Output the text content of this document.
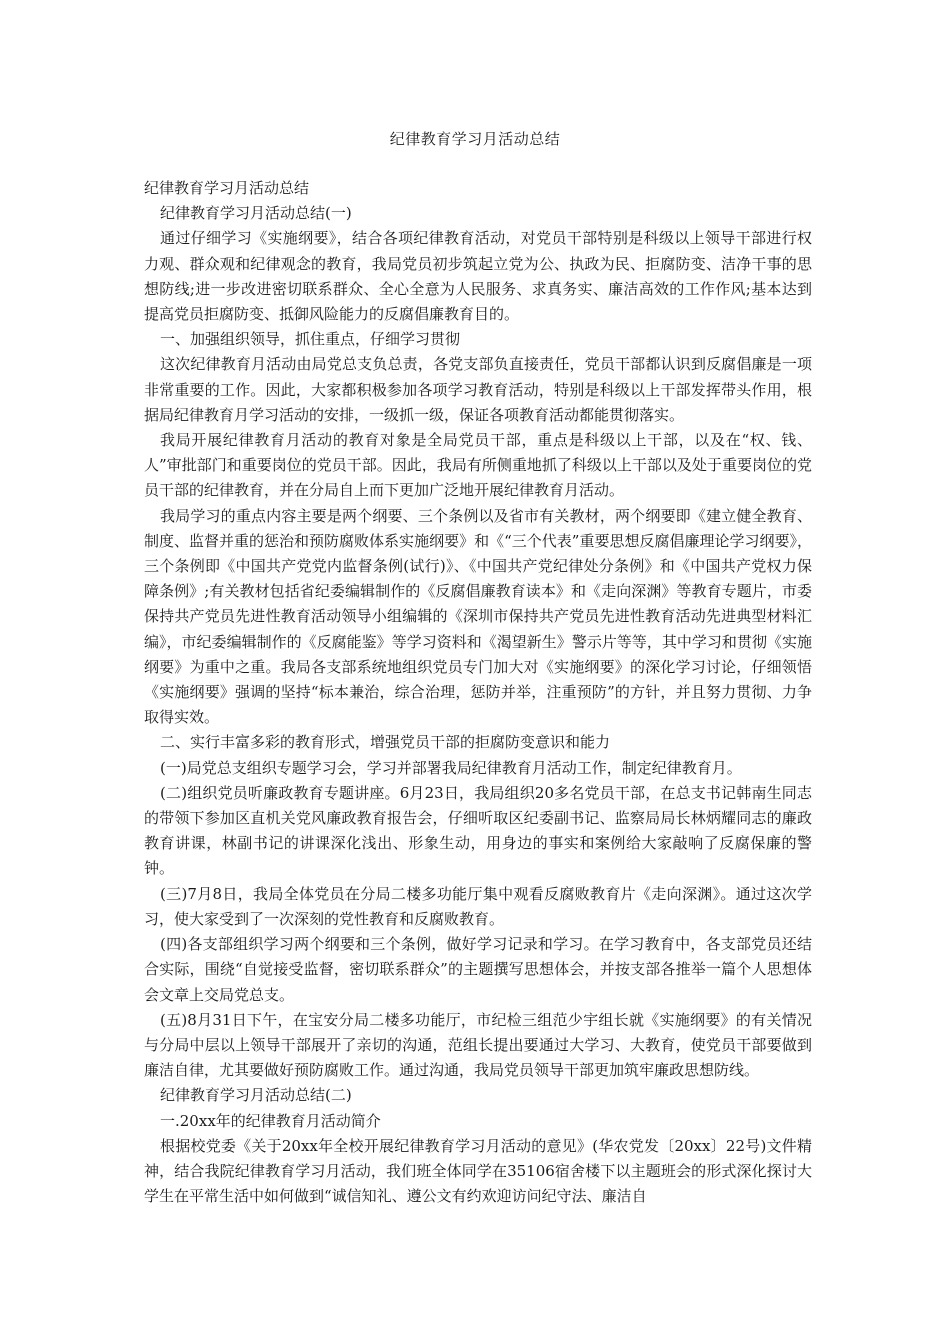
纪律教育学习月活动总结

纪律教育学习月活动总结

纪律教育学习月活动总结(一)

通过仔细学习《实施纲要》，结合各项纪律教育活动，对党员干部特别是科级以上领导干部进行权力观、群众观和纪律观念的教育，我局党员初步筑起立党为公、执政为民、拒腐防变、洁净干事的思想防线;进一步改进密切联系群众、全心全意为人民服务、求真务实、廉洁高效的工作作风;基本达到提高党员拒腐防变、抵御风险能力的反腐倡廉教育目的。

一、加强组织领导，抓住重点，仔细学习贯彻

这次纪律教育月活动由局党总支负总责，各党支部负直接责任，党员干部都认识到反腐倡廉是一项非常重要的工作。因此，大家都积极参加各项学习教育活动，特别是科级以上干部发挥带头作用，根据局纪律教育月学习活动的安排，一级抓一级，保证各项教育活动都能贯彻落实。

我局开展纪律教育月活动的教育对象是全局党员干部，重点是科级以上干部，以及在“权、钱、人”审批部门和重要岗位的党员干部。因此，我局有所侧重地抓了科级以上干部以及处于重要岗位的党员干部的纪律教育，并在分局自上而下更加广泛地开展纪律教育月活动。

我局学习的重点内容主要是两个纲要、三个条例以及省市有关教材，两个纲要即《建立健全教育、制度、监督并重的惩治和预防腐败体系实施纲要》和《“三个代表”重要思想反腐倡廉理论学习纲要》，三个条例即《中国共产党党内监督条例(试行)》、《中国共产党纪律处分条例》和《中国共产党权力保障条例》;有关教材包括省纪委编辑制作的《反腐倡廉教育读本》和《走向深渊》等教育专题片，市委保持共产党员先进性教育活动领导小组编辑的《深圳市保持共产党员先进性教育活动先进典型材料汇编》，市纪委编辑制作的《反腐能鉴》等学习资料和《渴望新生》警示片等等，其中学习和贯彻《实施纲要》为重中之重。我局各支部系统地组织党员专门加大对《实施纲要》的深化学习讨论，仔细领悟《实施纲要》强调的坚持“标本兼治，综合治理，惩防并举，注重预防”的方针，并且努力贯彻、力争取得实效。

二、实行丰富多彩的教育形式，增强党员干部的拒腐防变意识和能力

(一)局党总支组织专题学习会，学习并部署我局纪律教育月活动工作，制定纪律教育月。

(二)组织党员听廉政教育专题讲座。6月23日，我局组织20多名党员干部，在总支书记韩南生同志的带领下参加区直机关党风廉政教育报告会，仔细听取区纪委副书记、监察局局长林炳耀同志的廉政教育讲课，林副书记的讲课深化浅出、形象生动，用身边的事实和案例给大家敲响了反腐保廉的警钟。

(三)7月8日，我局全体党员在分局二楼多功能厅集中观看反腐败教育片《走向深渊》。通过这次学习，使大家受到了一次深刻的党性教育和反腐败教育。

(四)各支部组织学习两个纲要和三个条例，做好学习记录和学习。在学习教育中，各支部党员还结合实际，围绕“自觉接受监督，密切联系群众”的主题撰写思想体会，并按支部各推举一篇个人思想体会文章上交局党总支。

(五)8月31日下午，在宝安分局二楼多功能厅，市纪检三组范少宇组长就《实施纲要》的有关情况与分局中层以上领导干部展开了亲切的沟通，范组长提出要通过大学习、大教育，使党员干部要做到廉洁自律，尤其要做好预防腐败工作。通过沟通，我局党员领导干部更加筑牢廉政思想防线。

纪律教育学习月活动总结(二)

一.20xx年的纪律教育月活动简介

根据校党委《关于20xx年全校开展纪律教育学习月活动的意见》(华农党发〔20xx〕22号)文件精神，结合我院纪律教育学习月活动，我们班全体同学在35106宿舍楼下以主题班会的形式深化探讨大学生在平常生活中如何做到“诚信知礼、遵公文有约欢迎访问纪守法、廉洁自
